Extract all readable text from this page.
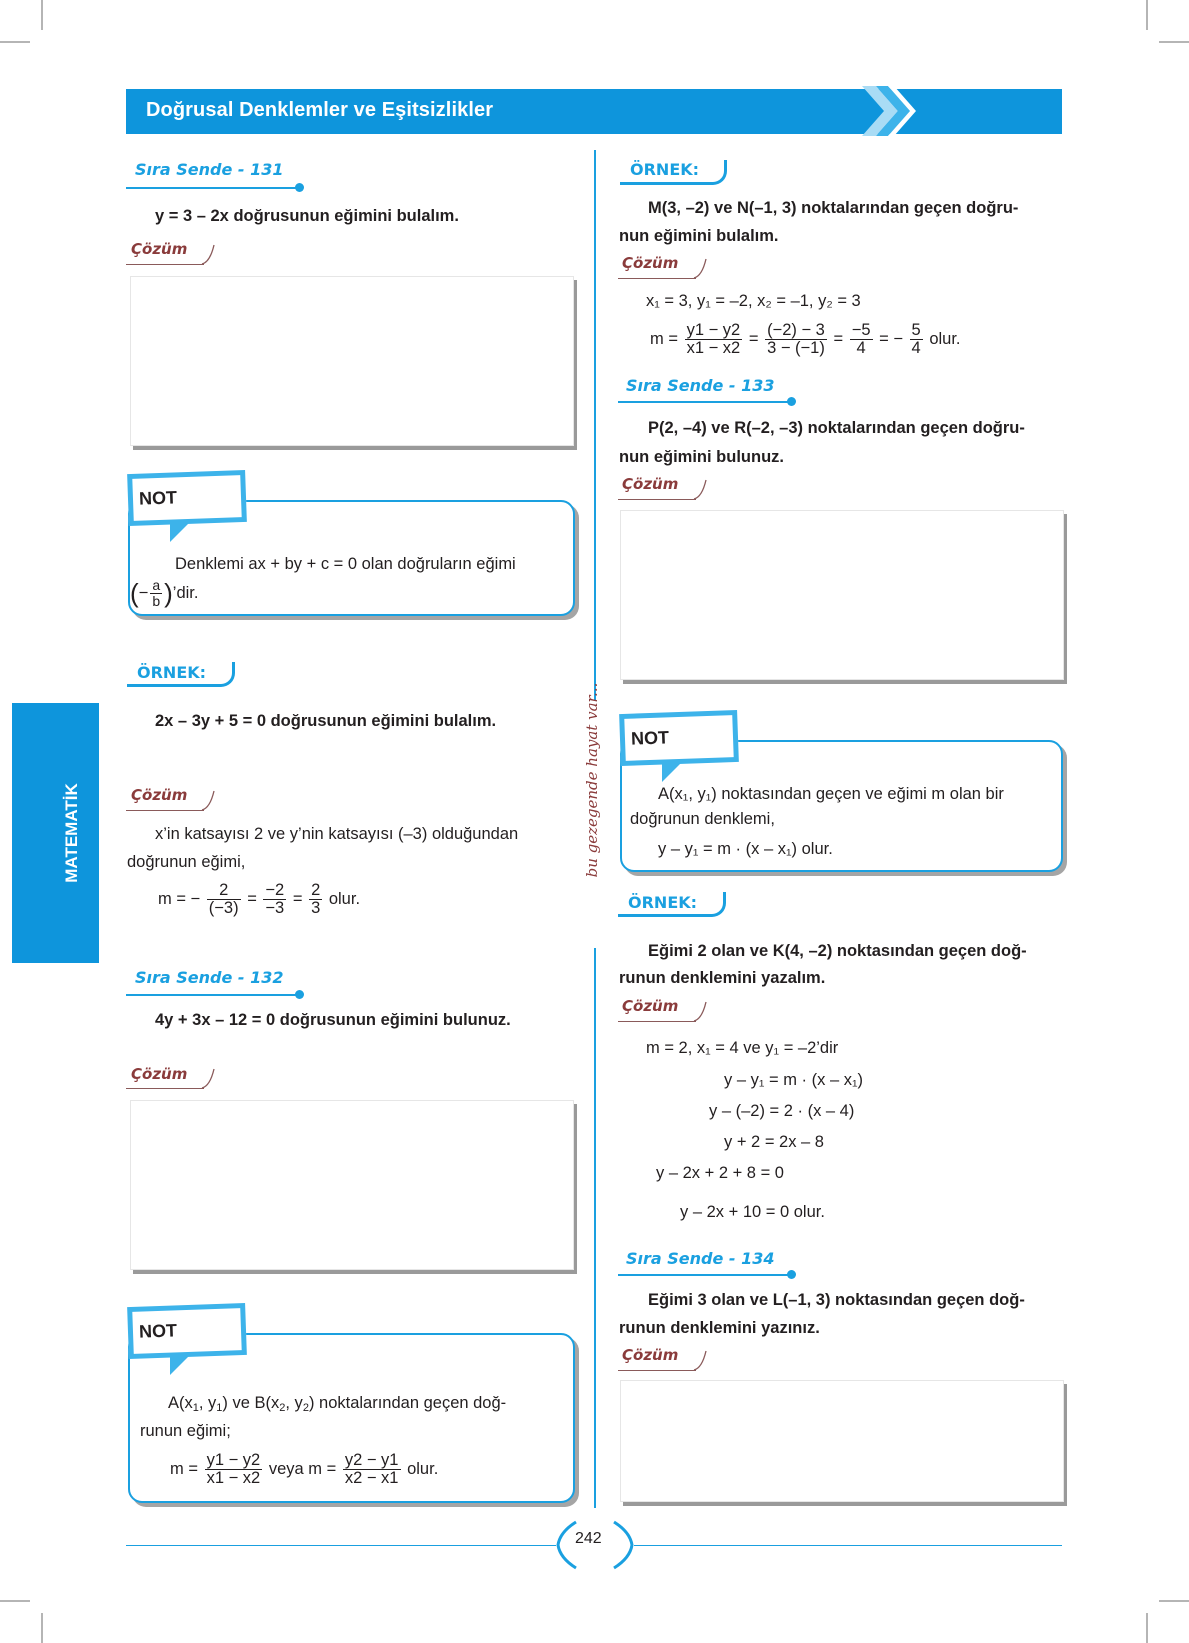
Doğrusal Denklemler ve Eşitsizlikler
MATEMATİK	bu gezegende hayat var...
Sıra Sende - 131
y = 3 – 2x doğrusunun eğimini bulalım.
Çözüm
NOT
Denklemi ax + by + c = 0 olan doğruların eğimi
(− $\frac{a}{b}$ )’dir.
ÖRNEK:
2x – 3y + 5 = 0 doğrusunun eğimini bulalım.
Çözüm
x’in katsayısı 2 ve y’nin katsayısı (–3) olduğundan
doğrunun eğimi,
m = − $\frac{2}{(-3)} = \frac{-2}{-3} = \frac{2}{3}$ olur.
Sıra Sende - 132
4y + 3x – 12 = 0 doğrusunun eğimini bulunuz.
Çözüm
NOT
$A(x_1$, $y_1$) ve $B(x_2$, $y_2$) noktalarından geçen doğ-
runun eğimi;
$m = \frac{y1 - y2}{x1 - x2}$ veya $m = \frac{y2 - y1}{x2 - x1}$ olur.
ÖRNEK:
M(3, –2) ve N(–1, 3) noktalarından geçen doğru-
nun eğimini bulalım.
Çözüm
x₁ = 3, y₁ = –2, x₂ = –1, y₂ = 3
$m = \frac{y1 - y2}{x1 - x2} = \frac{(-2) - 3}{3 - (-1)} = \frac{-5}{4}$ = − $\frac{5}{4}$ olur.
Sıra Sende - 133
P(2, –4) ve R(–2, –3) noktalarından geçen doğru-
nun eğimini bulunuz.
Çözüm
NOT
A(x₁, y₁) noktasından geçen ve eğimi m olan bir
doğrunun denklemi,
y – y₁ = m · (x – x₁) olur.
ÖRNEK:
Eğimi 2 olan ve K(4, –2) noktasından geçen doğ-
runun denklemini yazalım.
Çözüm
m = 2, x₁ = 4 ve y₁ = –2’dir
y – y₁ = m · (x – x₁)
y – (–2) = 2 · (x – 4)
y + 2 = 2x – 8
y – 2x + 2 + 8 = 0
y – 2x + 10 = 0 olur.
Sıra Sende - 134
Eğimi 3 olan ve L(–1, 3) noktasından geçen doğ-
runun denklemini yazınız.
Çözüm
242
